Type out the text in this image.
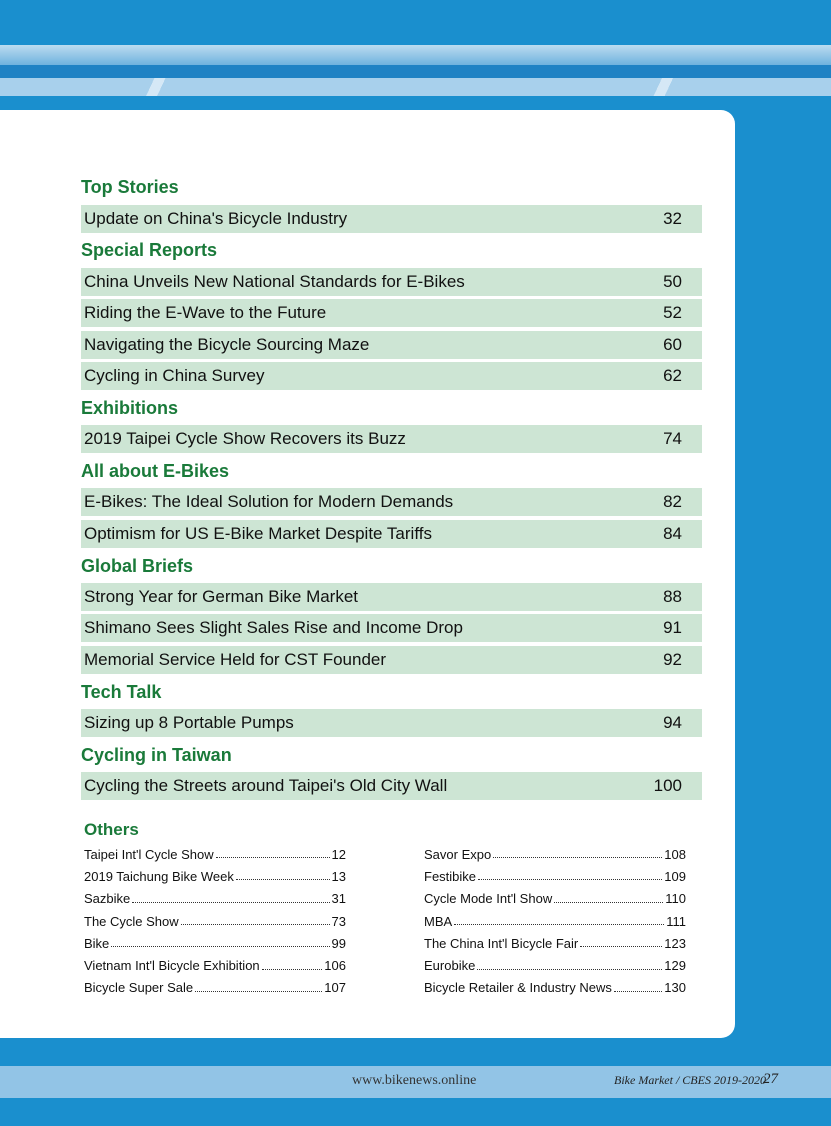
Top Stories
Update on China's Bicycle Industry	32
Special Reports
China Unveils New National Standards for E-Bikes	50
Riding the E-Wave to the Future	52
Navigating the Bicycle Sourcing Maze	60
Cycling in China Survey	62
Exhibitions
2019 Taipei Cycle Show Recovers its Buzz	74
All about E-Bikes
E-Bikes: The Ideal Solution for Modern Demands	82
Optimism for US E-Bike Market Despite Tariffs	84
Global Briefs
Strong Year for German Bike Market	88
Shimano Sees Slight Sales Rise and Income Drop	91
Memorial Service Held for CST Founder	92
Tech Talk
Sizing up 8 Portable Pumps	94
Cycling in Taiwan
Cycling the Streets around Taipei's Old City Wall	100
Others
Taipei Int'l Cycle Show	12
2019 Taichung Bike Week	13
Sazbike	31
The Cycle Show	73
Bike	99
Vietnam Int'l Bicycle Exhibition	106
Bicycle Super Sale	107
Savor Expo	108
Festibike	109
Cycle Mode Int'l Show	110
MBA	111
The China Int'l Bicycle Fair	123
Eurobike	129
Bicycle Retailer & Industry News	130
www.bikenews.online	Bike Market / CBES 2019-2020
27
